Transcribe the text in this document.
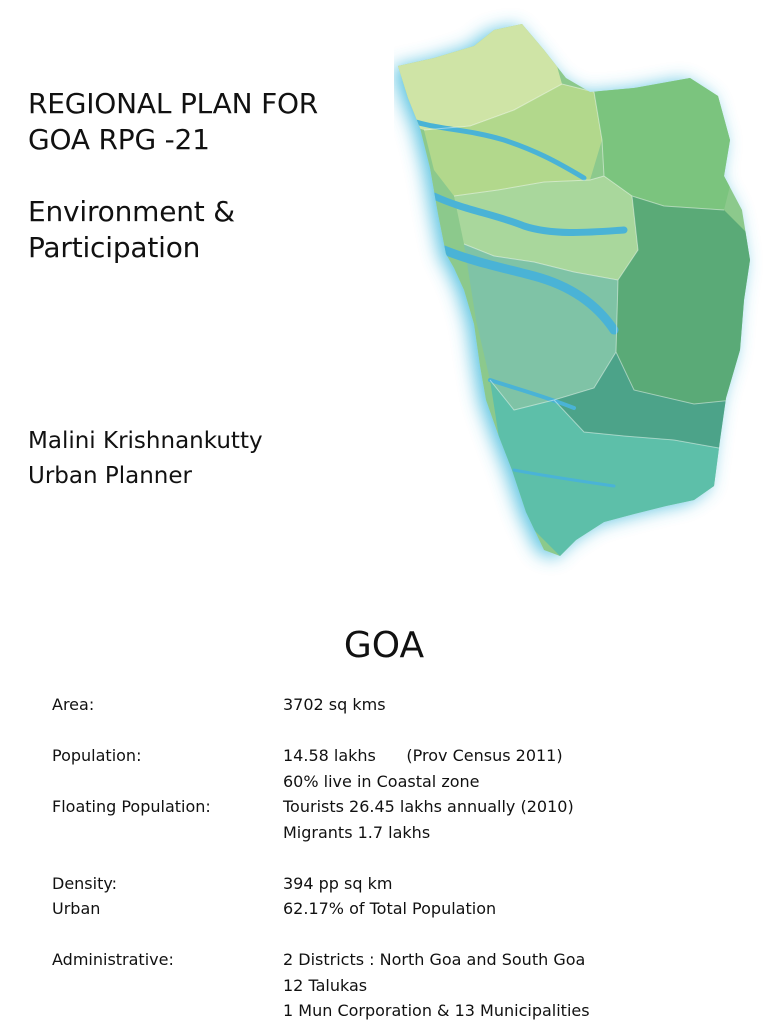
REGIONAL PLAN FOR
GOA RPG -21
Environment &
Participation
Malini Krishnankutty
Urban Planner
GOA
Area:	3702 sq kms
Population:	14.58 lakhs      (Prov Census 2011)
60% live in Coastal zone
Floating Population:	Tourists 26.45 lakhs annually (2010)
Migrants 1.7 lakhs
Density:	394 pp sq km
Urban	62.17% of Total Population
Administrative:	2 Districts : North Goa and South Goa
12 Talukas
1 Mun Corporation & 13 Municipalities
